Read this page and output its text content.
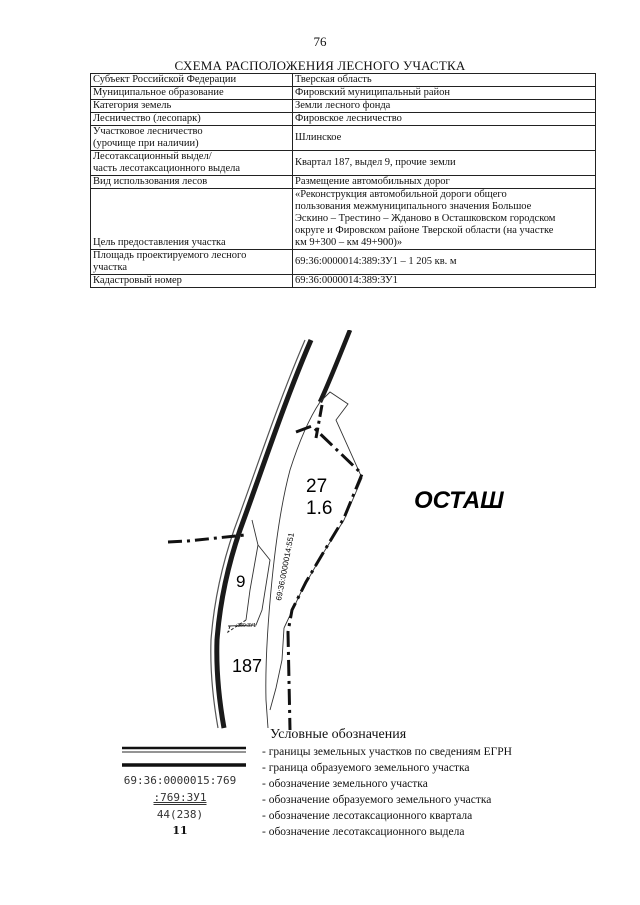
76
СХЕМА РАСПОЛОЖЕНИЯ ЛЕСНОГО УЧАСТКА
Субъект Российской Федерации	Тверская область
Муниципальное образование	Фировский муниципальный район
Категория земель	Земли лесного фонда
Лесничество (лесопарк)	Фировское лесничество

Участковое лесничество
(урочище при наличии)	Шлинское

Лесотаксационный выдел/
часть лесотаксационного выдела	Квартал 187, выдел 9, прочие земли
Вид использования лесов	Размещение автомобильных дорог
Цель предоставления участка	«Реконструкция автомобильной дороги общего
пользования межмуниципального значения Большое
Эскино – Трестино – Жданово в Осташковском городском
округе и Фировском районе Тверской области (на участке
км 9+300 – км 49+900)»

Площадь проектируемого лесного
участка	69:36:0000014:389:ЗУ1 – 1 205 кв. м
Кадастровый номер	69:36:0000014:389:ЗУ1
27
1.6	ОСТАШ
9
187
69:36:0000014:551
:389:ЗУ1
Условные обозначения
- границы земельных участков по сведениям ЕГРН
- граница образуемого земельного участка
- обозначение земельного участка
- обозначение образуемого земельного участка
- обозначение лесотаксационного квартала
- обозначение лесотаксационного выдела
69:36:0000015:769
:769:ЗУ1
44(238)
11
